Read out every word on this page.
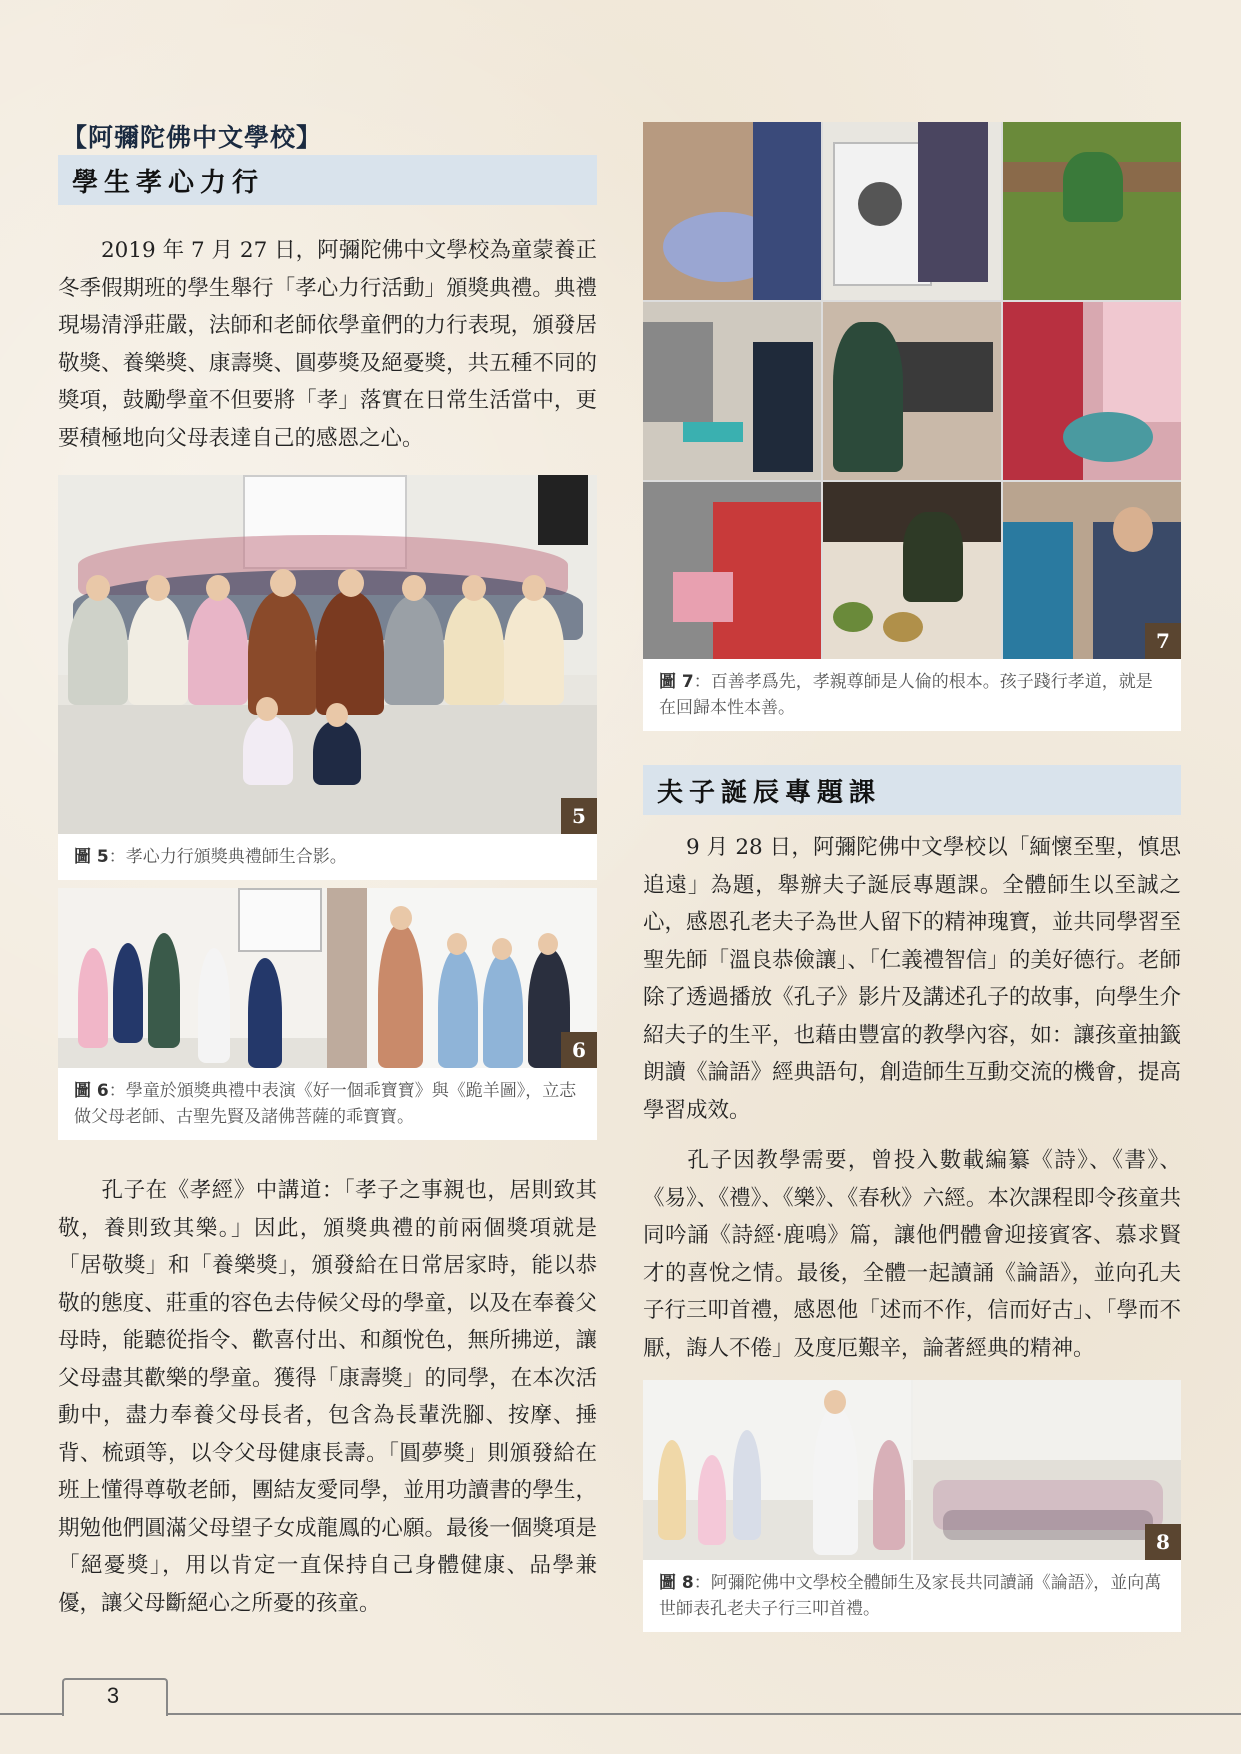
【阿彌陀佛中文學校】
學生孝心力行
2019 年 7 月 27 日，阿彌陀佛中文學校為童蒙養正冬季假期班的學生舉行「孝心力行活動」頒獎典禮。典禮現場清淨莊嚴，法師和老師依學童們的力行表現，頒發居敬獎、養樂獎、康壽獎、圓夢獎及絕憂獎，共五種不同的獎項，鼓勵學童不但要將「孝」落實在日常生活當中，更要積極地向父母表達自己的感恩之心。
5
圖 5：孝心力行頒獎典禮師生合影。
6
圖 6：學童於頒獎典禮中表演《好一個乖寶寶》與《跪羊圖》，立志做父母老師、古聖先賢及諸佛菩薩的乖寶寶。
孔子在《孝經》中講道：「孝子之事親也，居則致其敬，養則致其樂。」因此，頒獎典禮的前兩個獎項就是「居敬獎」和「養樂獎」，頒發給在日常居家時，能以恭敬的態度、莊重的容色去侍候父母的學童，以及在奉養父母時，能聽從指令、歡喜付出、和顏悅色，無所拂逆，讓父母盡其歡樂的學童。獲得「康壽獎」的同學，在本次活動中，盡力奉養父母長者，包含為長輩洗腳、按摩、捶背、梳頭等，以令父母健康長壽。「圓夢獎」則頒發給在班上懂得尊敬老師，團結友愛同學，並用功讀書的學生，期勉他們圓滿父母望子女成龍鳳的心願。最後一個獎項是「絕憂獎」，用以肯定一直保持自己身體健康、品學兼優，讓父母斷絕心之所憂的孩童。
7
圖 7：百善孝爲先，孝親尊師是人倫的根本。孩子踐行孝道，就是在回歸本性本善。
夫子誕辰專題課
9 月 28 日，阿彌陀佛中文學校以「緬懷至聖，慎思追遠」為題，舉辦夫子誕辰專題課。全體師生以至誠之心，感恩孔老夫子為世人留下的精神瑰寶，並共同學習至聖先師「溫良恭儉讓」、「仁義禮智信」的美好德行。老師除了透過播放《孔子》影片及講述孔子的故事，向學生介紹夫子的生平，也藉由豐富的教學內容，如：讓孩童抽籤朗讀《論語》經典語句，創造師生互動交流的機會，提高學習成效。
孔子因教學需要，曾投入數載編纂《詩》、《書》、《易》、《禮》、《樂》、《春秋》六經。本次課程即令孩童共同吟誦《詩經·鹿鳴》篇，讓他們體會迎接賓客、慕求賢才的喜悅之情。最後，全體一起讀誦《論語》，並向孔夫子行三叩首禮，感恩他「述而不作，信而好古」、「學而不厭，誨人不倦」及度厄艱辛，論著經典的精神。
8
圖 8：阿彌陀佛中文學校全體師生及家長共同讀誦《論語》，並向萬世師表孔老夫子行三叩首禮。
3
